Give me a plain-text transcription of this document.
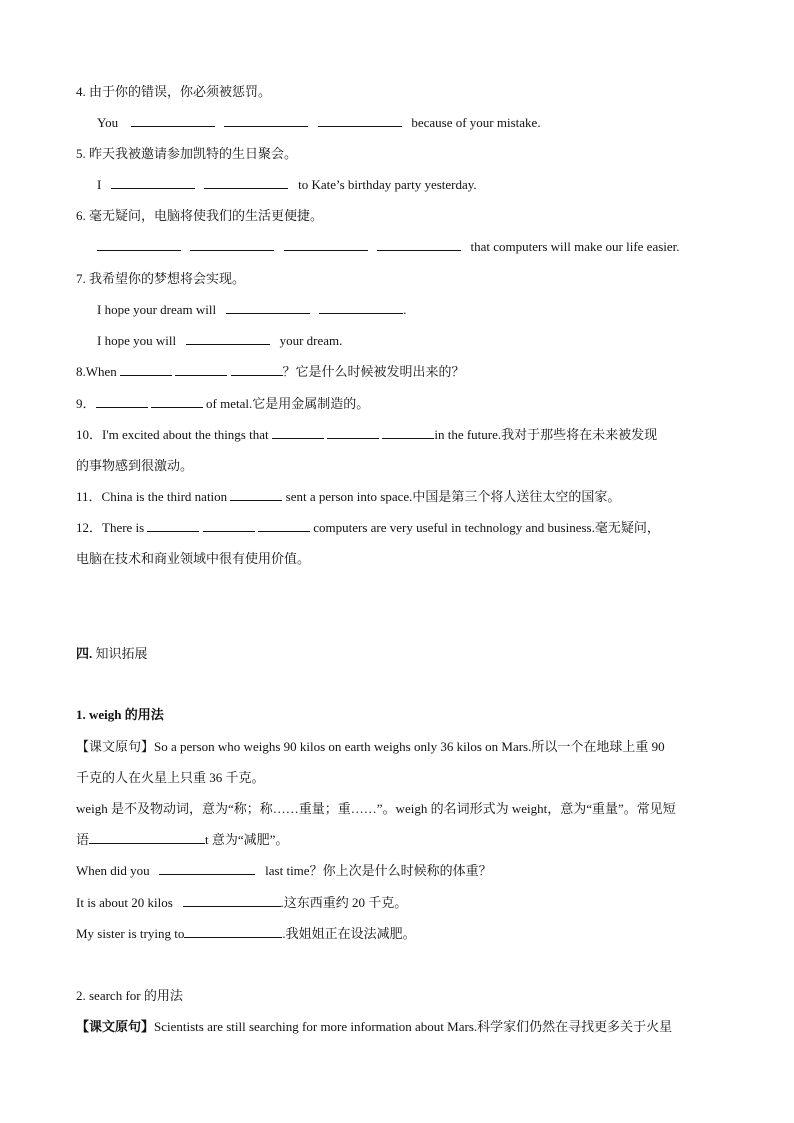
4. 由于你的错误，你必须被惩罚。
You	because of your mistake.
5. 昨天我被邀请参加凯特的生日聚会。
I	to Kate’s birthday party yesterday.
6. 毫无疑问，电脑将使我们的生活更便捷。
that computers will make our life easier.
7. 我希望你的梦想将会实现。
I hope your dream will	.
I hope you will	your dream.
8.When	？它是什么时候被发明出来的？
9．	of metal.它是用金属制造的。
10．I'm excited about the things that	in the future.我对于那些将在未来被发现
的事物感到很激动。
11．China is the third nation	sent a person into space.中国是第三个将人送往太空的国家。
12．There is	computers are very useful in technology and business.毫无疑问，
电脑在技术和商业领域中很有使用价值。
四. 知识拓展
1. weigh 的用法
【课文原句】So a person who weighs 90 kilos on earth weighs only 36 kilos on Mars.所以一个在地球上重 90
千克的人在火星上只重 36 千克。
weigh 是不及物动词，意为“称；称……重量；重……”。weigh 的名词形式为 weight，意为“重量”。常见短
语	t 意为“减肥”。
When did you	last time？你上次是什么时候称的体重？
It is about 20 kilos	.这东西重约 20 千克。
My sister is trying to	.我姐姐正在设法减肥。
2. search for 的用法
【课文原句】Scientists are still searching for more information about Mars.科学家们仍然在寻找更多关于火星
